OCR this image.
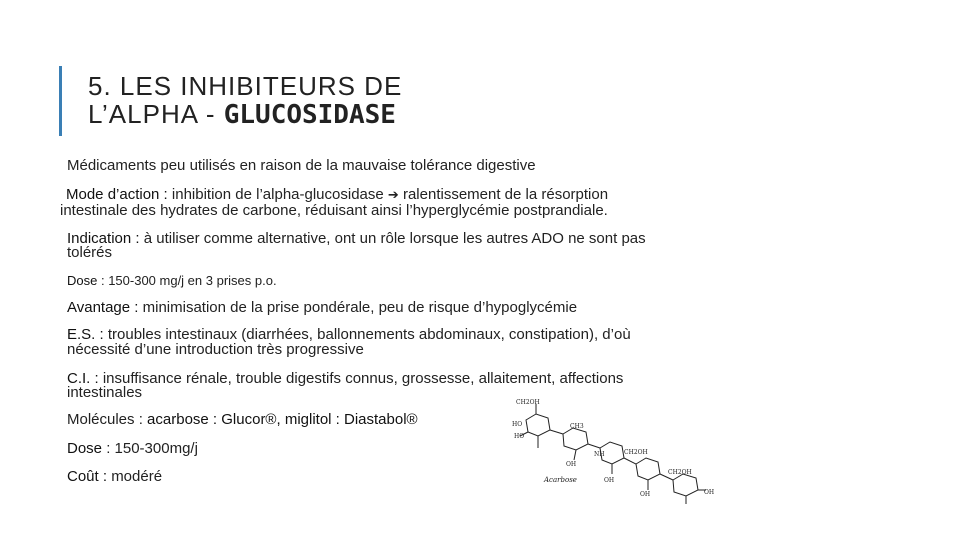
5. LES INHIBITEURS DE
L’ALPHA - GLUCOSIDASE

Médicaments peu utilisés en raison de la mauvaise tolérance digestive

Mode d’action : inhibition de l’alpha-glucosidase ➔ ralentissement de la résorption

intestinale des hydrates de carbone, réduisant ainsi l’hyperglycémie postprandiale.

Indication : à utiliser comme alternative, ont un rôle lorsque les autres ADO ne sont pas

tolérés

Dose : 150-300 mg/j en 3 prises p.o.
Avantage : minimisation de la prise pondérale, peu de risque d’hypoglycémie
E.S. : troubles intestinaux (diarrhées, ballonnements abdominaux, constipation), d’où

nécessité d’une introduction très progressive

C.I. : insuffisance rénale, trouble digestifs connus, grossesse, allaitement, affections

intestinales

Molécules : acarbose : Glucor®, miglitol : Diastabol®
Dose : 150-300mg/j
Coût : modéré
CH2OH
CH3
HO
HO
OH
NH
OH
CH2OH
CH2OH
OH	OH
Acarbose
